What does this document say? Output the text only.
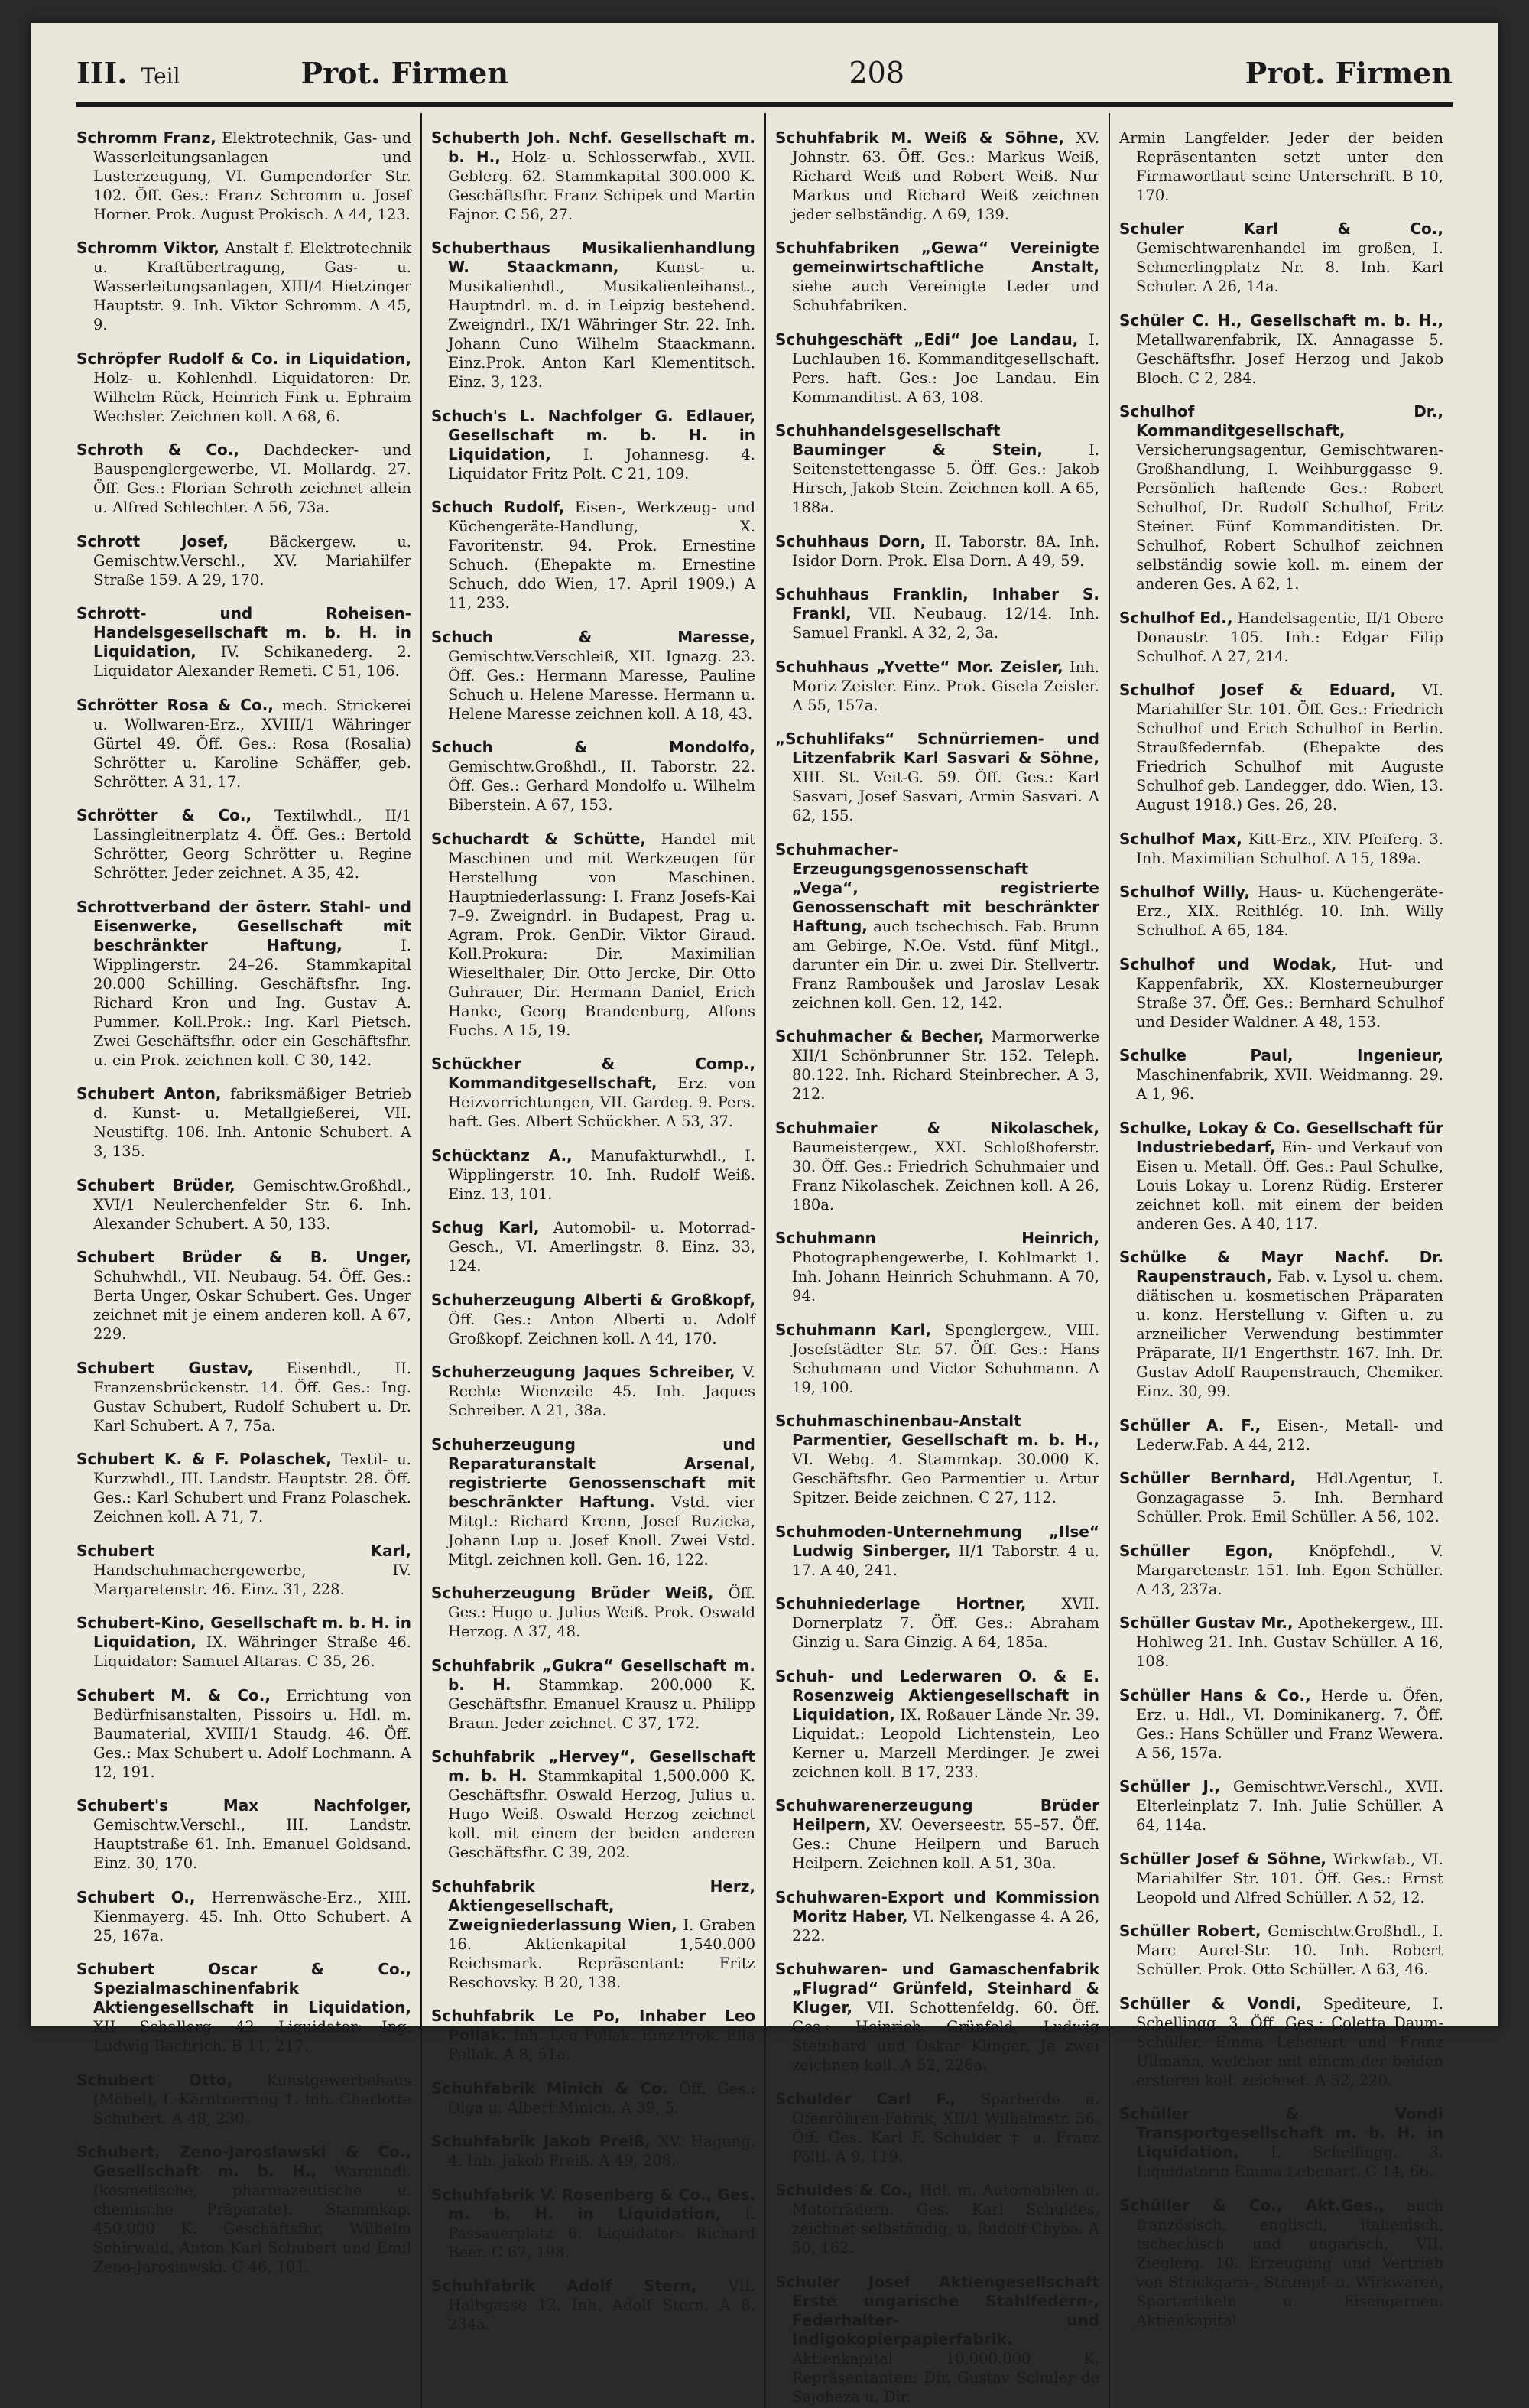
III. Teil	Prot. Firmen	208	Prot. Firmen

Schromm Franz, Elektrotechnik, Gas- und Wasserleitungsanlagen und Lusterzeugung, VI. Gumpendorfer Str. 102. Öff. Ges.: Franz Schromm u. Josef Horner. Prok. August Prokisch. A 44, 123.

Schromm Viktor, Anstalt f. Elektrotechnik u. Kraftübertragung, Gas- u. Wasserleitungsanlagen, XIII/4 Hietzinger Hauptstr. 9. Inh. Viktor Schromm. A 45, 9.

Schröpfer Rudolf & Co. in Liquidation, Holz- u. Kohlenhdl. Liquidatoren: Dr. Wilhelm Rück, Heinrich Fink u. Ephraim Wechsler. Zeichnen koll. A 68, 6.

Schroth & Co., Dachdecker- und Bauspenglergewerbe, VI. Mollardg. 27. Öff. Ges.: Florian Schroth zeichnet allein u. Alfred Schlechter. A 56, 73a.

Schrott Josef,	Bäckergew. u. Gemischtw.Verschl., XV. Mariahilfer Straße 159. A 29, 170.

Schrott- und Roheisen-Handelsgesellschaft m. b. H. in Liquidation, IV. Schikanederg. 2. Liquidator Alexander Remeti. C 51, 106.

Schrötter Rosa & Co., mech. Strickerei u. Wollwaren-Erz., XVIII/1 Währinger Gürtel 49. Öff. Ges.: Rosa (Rosalia) Schrötter u. Karoline Schäffer, geb. Schrötter. A 31, 17.

Schrötter & Co., Textilwhdl., II/1 Lassingleitnerplatz 4. Öff. Ges.: Bertold Schrötter, Georg Schrötter u. Regine Schrötter. Jeder zeichnet. A 35, 42.

Schrottverband der österr. Stahl- und Eisenwerke, Gesellschaft mit beschränkter Haftung,	I. Wipplingerstr. 24–26. Stammkapital 20.000 Schilling. Geschäftsfhr. Ing. Richard Kron und Ing. Gustav A. Pummer. Koll.Prok.: Ing. Karl Pietsch. Zwei Geschäftsfhr. oder ein Geschäftsfhr. u. ein Prok. zeichnen koll. C 30, 142.

Schubert Anton, fabriksmäßiger Betrieb d. Kunst- u. Metallgießerei, VII. Neustiftg. 106. Inh. Antonie Schubert. A 3, 135.

Schubert Brüder, Gemischtw.Großhdl., XVI/1 Neulerchenfelder Str. 6. Inh. Alexander Schubert. A 50, 133.

Schubert Brüder & B. Unger, Schuhwhdl., VII. Neubaug. 54. Öff. Ges.: Berta Unger, Oskar Schubert. Ges. Unger zeichnet mit je einem anderen koll. A 67, 229.

Schubert Gustav, Eisenhdl., II. Franzensbrückenstr. 14. Öff. Ges.: Ing. Gustav Schubert, Rudolf Schubert u. Dr. Karl Schubert. A 7, 75a.

Schubert K. & F. Polaschek, Textil- u. Kurzwhdl., III. Landstr. Hauptstr. 28. Öff. Ges.: Karl Schubert und Franz Polaschek. Zeichnen koll. A 71, 7.

Schubert Karl, Handschuhmachergewerbe, IV. Margaretenstr. 46. Einz. 31, 228.

Schubert-Kino, Gesellschaft m. b. H. in Liquidation, IX. Währinger Straße 46. Liquidator: Samuel Altaras. C 35, 26.

Schubert M. & Co., Errichtung von Bedürfnisanstalten, Pissoirs u. Hdl. m. Baumaterial, XVIII/1 Staudg. 46. Öff. Ges.: Max Schubert u. Adolf Lochmann. A 12, 191.

Schubert's Max Nachfolger, Gemischtw.Verschl., III. Landstr. Hauptstraße 61. Inh. Emanuel Goldsand. Einz. 30, 170.

Schubert O., Herrenwäsche-Erz., XIII. Kienmayerg. 45. Inh. Otto Schubert. A 25, 167a.

Schubert Oscar & Co., Spezialmaschinenfabrik Aktiengesellschaft in Liquidation, XII. Schallerg. 42. Liquidator: Ing. Ludwig Bachrich. B 11, 217.

Schubert Otto, Kunstgewerbehaus (Möbel), I. Kärntnerring 1. Inh. Charlotte Schubert. A 48, 230.

Schubert, Zeno-Jaroslawski & Co., Gesellschaft m. b. H., Warenhdl. (kosmetische, pharmazeutische u. chemische Präparate). Stammkap. 450.000 K. Geschäftsfhr. Wilhelm Schirwald, Anton Karl Schubert und Emil Zeno-Jaroslawski. C 46, 101.

Schuberth Joh. Nchf. Gesellschaft m. b. H., Holz- u. Schlosserwfab., XVII. Geblerg. 62. Stammkapital 300.000 K. Geschäftsfhr. Franz Schipek und Martin Fajnor. C 56, 27.

Schuberthaus Musikalienhandlung W. Staackmann, Kunst- u. Musikalienhdl., Musikalienleihanst., Hauptndrl. m. d. in Leipzig bestehend. Zweigndrl., IX/1 Währinger Str. 22. Inh. Johann Cuno Wilhelm Staackmann. Einz.Prok. Anton Karl Klementitsch. Einz. 3, 123.

Schuch's L. Nachfolger G. Edlauer, Gesellschaft m. b. H. in Liquidation, I. Johannesg. 4. Liquidator Fritz Polt. C 21, 109.

Schuch Rudolf, Eisen-, Werkzeug- und Küchengeräte-Handlung, X. Favoritenstr. 94. Prok. Ernestine Schuch. (Ehepakte m. Ernestine Schuch, ddo Wien, 17. April 1909.) A 11, 233.

Schuch & Maresse, Gemischtw.Verschleiß, XII. Ignazg. 23. Öff. Ges.: Hermann Maresse, Pauline Schuch u. Helene Maresse. Hermann u. Helene Maresse zeichnen koll. A 18, 43.

Schuch & Mondolfo, Gemischtw.Großhdl., II. Taborstr. 22. Öff. Ges.: Gerhard Mondolfo u. Wilhelm Biberstein. A 67, 153.

Schuchardt & Schütte, Handel mit Maschinen und mit Werkzeugen für Herstellung von Maschinen. Hauptniederlassung: I. Franz Josefs-Kai 7–9. Zweigndrl. in Budapest, Prag u. Agram. Prok. GenDir. Viktor Giraud. Koll.Prokura: Dir. Maximilian Wieselthaler, Dir. Otto Jercke, Dir. Otto Guhrauer, Dir. Hermann Daniel, Erich Hanke, Georg Brandenburg, Alfons Fuchs. A 15, 19.

Schückher & Comp., Kommanditgesellschaft, Erz. von Heizvorrichtungen, VII. Gardeg. 9. Pers. haft. Ges. Albert Schückher. A 53, 37.

Schücktanz A., Manufakturwhdl., I. Wipplingerstr. 10. Inh. Rudolf Weiß. Einz. 13, 101.

Schug Karl, Automobil- u. Motorrad-Gesch., VI. Amerlingstr. 8. Einz. 33, 124.

Schuherzeugung Alberti & Großkopf, Öff. Ges.: Anton Alberti u. Adolf Großkopf. Zeichnen koll. A 44, 170.

Schuherzeugung Jaques Schreiber, V. Rechte Wienzeile 45. Inh. Jaques Schreiber. A 21, 38a.

Schuherzeugung und Reparaturanstalt Arsenal, registrierte Genossenschaft mit beschränkter Haftung. Vstd. vier Mitgl.: Richard Krenn, Josef Ruzicka, Johann Lup u. Josef Knoll. Zwei Vstd. Mitgl. zeichnen koll. Gen. 16, 122.

Schuherzeugung Brüder Weiß, Öff. Ges.: Hugo u. Julius Weiß. Prok. Oswald Herzog. A 37, 48.

Schuhfabrik „Gukra“ Gesellschaft m. b. H. Stammkap. 200.000 K. Geschäftsfhr. Emanuel Krausz u. Philipp Braun. Jeder zeichnet. C 37, 172.

Schuhfabrik „Hervey“, Gesellschaft m. b. H. Stammkapital 1,500.000 K. Geschäftsfhr. Oswald Herzog, Julius u. Hugo Weiß. Oswald Herzog zeichnet koll. mit einem der beiden anderen Geschäftsfhr. C 39, 202.

Schuhfabrik Herz, Aktiengesellschaft, Zweigniederlassung Wien, I. Graben 16. Aktienkapital 1,540.000 Reichsmark. Repräsentant: Fritz Reschovsky. B 20, 138.

Schuhfabrik Le Po, Inhaber Leo Pollak. Inh. Leo Pollak. Einz.Prok. Ella Pollak. A 8, 51a.

Schuhfabrik Minich & Co. Öff. Ges.: Olga u. Albert Minich. A 39, 5.

Schuhfabrik Jakob Preiß, XV. Hagung. 4. Inh. Jakob Preiß. A 49, 208.

Schuhfabrik V. Rosenberg & Co., Ges. m. b. H. in Liquidation, I. Passauerplatz 6. Liquidator: Richard Beer. C 67, 198.

Schuhfabrik Adolf Stern, VII. Halbgasse 12. Inh. Adolf Stern. A 8, 234a.

Schuhfabrik M. Weiß & Söhne, XV. Johnstr. 63. Öff. Ges.: Markus Weiß, Richard Weiß und Robert Weiß. Nur Markus und Richard Weiß zeichnen jeder selbständig. A 69, 139.

Schuhfabriken „Gewa“ Vereinigte gemeinwirtschaftliche Anstalt, siehe auch Vereinigte Leder und Schuhfabriken.

Schuhgeschäft „Edi“ Joe Landau, I. Luchlauben 16. Kommanditgesellschaft. Pers. haft. Ges.: Joe Landau. Ein Kommanditist. A 63, 108.

Schuhhandelsgesellschaft Bauminger & Stein,	I. Seitenstettengasse 5. Öff. Ges.: Jakob Hirsch, Jakob Stein. Zeichnen koll. A 65, 188a.

Schuhhaus Dorn, II. Taborstr. 8A. Inh. Isidor Dorn. Prok. Elsa Dorn. A 49, 59.

Schuhhaus Franklin, Inhaber S. Frankl, VII. Neubaug. 12/14. Inh. Samuel Frankl. A 32, 2, 3a.

Schuhhaus „Yvette“ Mor. Zeisler, Inh. Moriz Zeisler. Einz. Prok. Gisela Zeisler. A 55, 157a.

„Schuhlifaks“ Schnürriemen- und Litzenfabrik Karl Sasvari & Söhne, XIII. St. Veit-G. 59. Öff. Ges.: Karl Sasvari, Josef Sasvari, Armin Sasvari. A 62, 155.

Schuhmacher-Erzeugungsgenossenschaft „Vega“, registrierte Genossenschaft mit beschränkter Haftung, auch tschechisch. Fab. Brunn am Gebirge, N.Oe. Vstd. fünf Mitgl., darunter ein Dir. u. zwei Dir. Stellvertr. Franz Ramboušek und Jaroslav Lesak zeichnen koll. Gen. 12, 142.

Schuhmacher & Becher, Marmorwerke XII/1 Schönbrunner Str. 152. Teleph. 80.122. Inh. Richard Steinbrecher. A 3, 212.

Schuhmaier & Nikolaschek, Baumeistergew., XXI. Schloßhoferstr. 30. Öff. Ges.: Friedrich Schuhmaier und Franz Nikolaschek. Zeichnen koll. A 26, 180a.

Schuhmann Heinrich, Photographengewerbe, I. Kohlmarkt 1. Inh. Johann Heinrich Schuhmann. A 70, 94.

Schuhmann Karl, Spenglergew., VIII. Josefstädter Str. 57. Öff. Ges.: Hans Schuhmann und Victor Schuhmann. A 19, 100.

Schuhmaschinenbau-Anstalt Parmentier, Gesellschaft m. b. H., VI. Webg. 4. Stammkap. 30.000 K. Geschäftsfhr. Geo Parmentier u. Artur Spitzer. Beide zeichnen. C 27, 112.

Schuhmoden-Unternehmung „Ilse“ Ludwig Sinberger, II/1 Taborstr. 4 u. 17. A 40, 241.

Schuhniederlage Hortner, XVII. Dornerplatz 7. Öff. Ges.: Abraham Ginzig u. Sara Ginzig. A 64, 185a.

Schuh- und Lederwaren O. & E. Rosenzweig Aktiengesellschaft in Liquidation, IX. Roßauer Lände Nr. 39. Liquidat.: Leopold Lichtenstein, Leo Kerner u. Marzell Merdinger. Je zwei zeichnen koll. B 17, 233.

Schuhwarenerzeugung Brüder Heilpern, XV. Oeverseestr. 55–57. Öff. Ges.: Chune Heilpern und Baruch Heilpern. Zeichnen koll. A 51, 30a.

Schuhwaren-Export und Kommission Moritz Haber, VI. Nelkengasse 4. A 26, 222.

Schuhwaren- und Gamaschenfabrik „Flugrad“ Grünfeld, Steinhard & Kluger, VII. Schottenfeldg. 60. Öff. Ges.: Heinrich Grünfeld, Ludwig Steinhard und Oskar Klinger. Je zwei zeichnen koll. A 52, 226a.

Schulder Carl F., Sparherde u. Ofenröhren-Fabrik, XII/1 Wilhelmstr. 56. Öff. Ges. Karl F. Schulder † u. Franz Pöltl. A 9, 119.

Schuldes & Co., Hdl. m. Automobilen u. Motorrädern. Ges. Karl Schuldes, zeichnet selbständig, u. Rudolf Chyba. A 50, 162.

Schuler Josef Aktiengesellschaft Erste ungarische Stahlfedern-, Federhalter- und Indigokopierpapierfabrik. Aktienkapital 10,000.000 K. Repräsentanten: Dir. Gustav Schuler de Sajoheza u. Dir.

Armin Langfelder. Jeder der beiden Repräsentanten setzt unter den Firmawortlaut seine Unterschrift. B 10, 170.

Schuler Karl & Co., Gemischtwarenhandel im großen, I. Schmerlingplatz Nr. 8. Inh. Karl Schuler. A 26, 14a.

Schüler C. H., Gesellschaft m. b. H., Metallwarenfabrik, IX. Annagasse 5. Geschäftsfhr. Josef Herzog und Jakob Bloch. C 2, 284.

Schulhof Dr., Kommanditgesellschaft, Versicherungsagentur, Gemischtwaren-Großhandlung, I. Weihburggasse 9. Persönlich haftende Ges.: Robert Schulhof, Dr. Rudolf Schulhof, Fritz Steiner. Fünf Kommanditisten. Dr. Schulhof, Robert Schulhof zeichnen selbständig sowie koll. m. einem der anderen Ges. A 62, 1.

Schulhof Ed., Handelsagentie, II/1 Obere Donaustr. 105. Inh.: Edgar Filip Schulhof. A 27, 214.

Schulhof Josef & Eduard, VI. Mariahilfer Str. 101. Öff. Ges.: Friedrich Schulhof und Erich Schulhof in Berlin. Straußfedernfab. (Ehepakte des Friedrich Schulhof mit Auguste Schulhof geb. Landegger, ddo. Wien, 13. August 1918.) Ges. 26, 28.

Schulhof Max, Kitt-Erz., XIV. Pfeiferg. 3. Inh. Maximilian Schulhof. A 15, 189a.

Schulhof Willy, Haus- u. Küchengeräte-Erz., XIX. Reithlég. 10. Inh. Willy Schulhof. A 65, 184.

Schulhof und Wodak, Hut- und Kappenfabrik, XX. Klosterneuburger Straße 37. Öff. Ges.: Bernhard Schulhof und Desider Waldner. A 48, 153.

Schulke Paul, Ingenieur, Maschinenfabrik, XVII. Weidmanng. 29. A 1, 96.

Schulke, Lokay & Co. Gesellschaft für Industriebedarf, Ein- und Verkauf von Eisen u. Metall. Öff. Ges.: Paul Schulke, Louis Lokay u. Lorenz Rüdig. Ersterer zeichnet koll. mit einem der beiden anderen Ges. A 40, 117.

Schülke & Mayr Nachf. Dr. Raupenstrauch, Fab. v. Lysol u. chem. diätischen u. kosmetischen Präparaten u. konz. Herstellung v. Giften u. zu arzneilicher Verwendung bestimmter Präparate, II/1 Engerthstr. 167. Inh. Dr. Gustav Adolf Raupenstrauch, Chemiker. Einz. 30, 99.

Schüller A. F., Eisen-, Metall- und Lederw.Fab. A 44, 212.

Schüller Bernhard, Hdl.Agentur, I. Gonzagagasse 5. Inh. Bernhard Schüller. Prok. Emil Schüller. A 56, 102.

Schüller Egon, Knöpfehdl., V. Margaretenstr. 151. Inh. Egon Schüller. A 43, 237a.

Schüller Gustav Mr., Apothekergew., III. Hohlweg 21. Inh. Gustav Schüller. A 16, 108.

Schüller Hans & Co., Herde u. Öfen, Erz. u. Hdl., VI. Dominikanerg. 7. Öff. Ges.: Hans Schüller und Franz Wewera. A 56, 157a.

Schüller J., Gemischtwr.Verschl., XVII. Elterleinplatz 7. Inh. Julie Schüller. A 64, 114a.

Schüller Josef & Söhne, Wirkwfab., VI. Mariahilfer Str. 101. Öff. Ges.: Ernst Leopold und Alfred Schüller. A 52, 12.

Schüller Robert, Gemischtw.Großhdl., I. Marc Aurel-Str. 10. Inh. Robert Schüller. Prok. Otto Schüller. A 63, 46.

Schüller & Vondi, Spediteure, I. Schellingg. 3. Öff. Ges.: Coletta Daum-Schüller, Emma Lebenart und Franz Ullmann, welcher mit einem der beiden ersteren koll. zeichnet. A 52, 220.

Schüller & Vondi Transportgesellschaft m. b. H. in Liquidation, I. Schellingg. 3. Liquidatorin Emma Lebenart. C 14, 66.

Schüller & Co., Akt.Ges., auch französisch, englisch, italienisch, tschechisch und ungarisch, VII. Zieglerg. 10. Erzeugung und Vertrieb von Strickgarn-, Strumpf- u. Wirkwaren, Sportartikeln u. Eisengarnen. Aktienkapital
